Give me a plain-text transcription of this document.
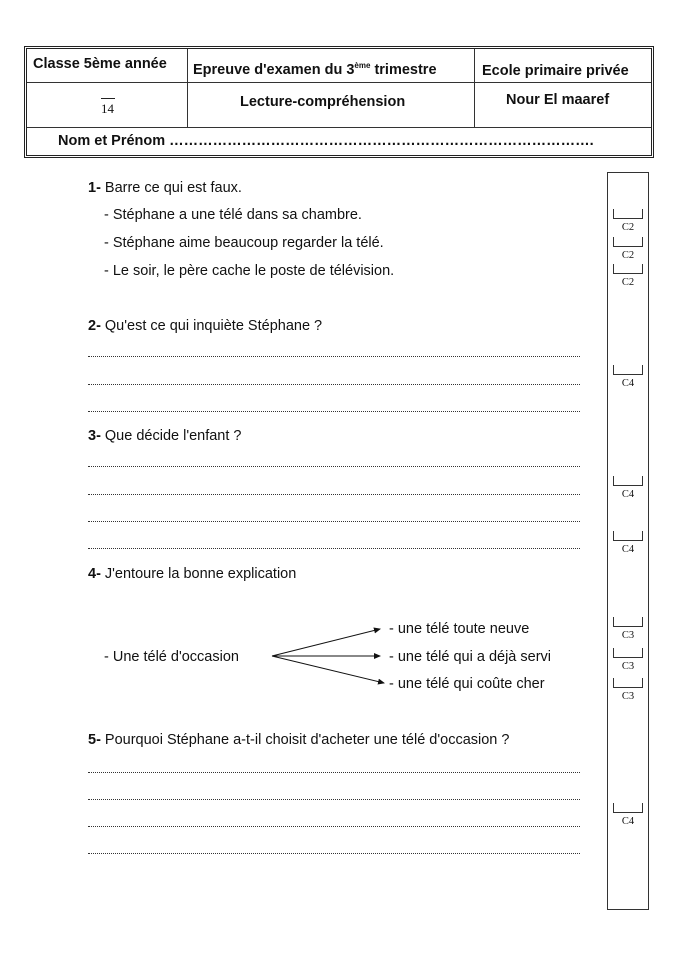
Classe 5ème année Epreuve d'examen du 3ème trimestre	Ecole primaire privée
Nour El maaref
14	Lecture-compréhension
Nom et Prénom …………………………………………………………………………….
1- Barre ce qui est faux.
- Stéphane a une télé dans sa chambre.
- Stéphane aime beaucoup regarder la télé.
- Le soir, le père cache le poste de télévision.
2- Qu'est ce qui inquiète Stéphane ?
3- Que décide l'enfant ?
4- J'entoure la bonne explication
- Une télé d'occasion
- une télé toute neuve
- une télé qui a déjà servi
- une télé qui coûte cher
5- Pourquoi Stéphane a-t-il choisit d'acheter une télé d'occasion ?
C2
C2
C2
C4
C4
C4
C3
C3
C3
C4
